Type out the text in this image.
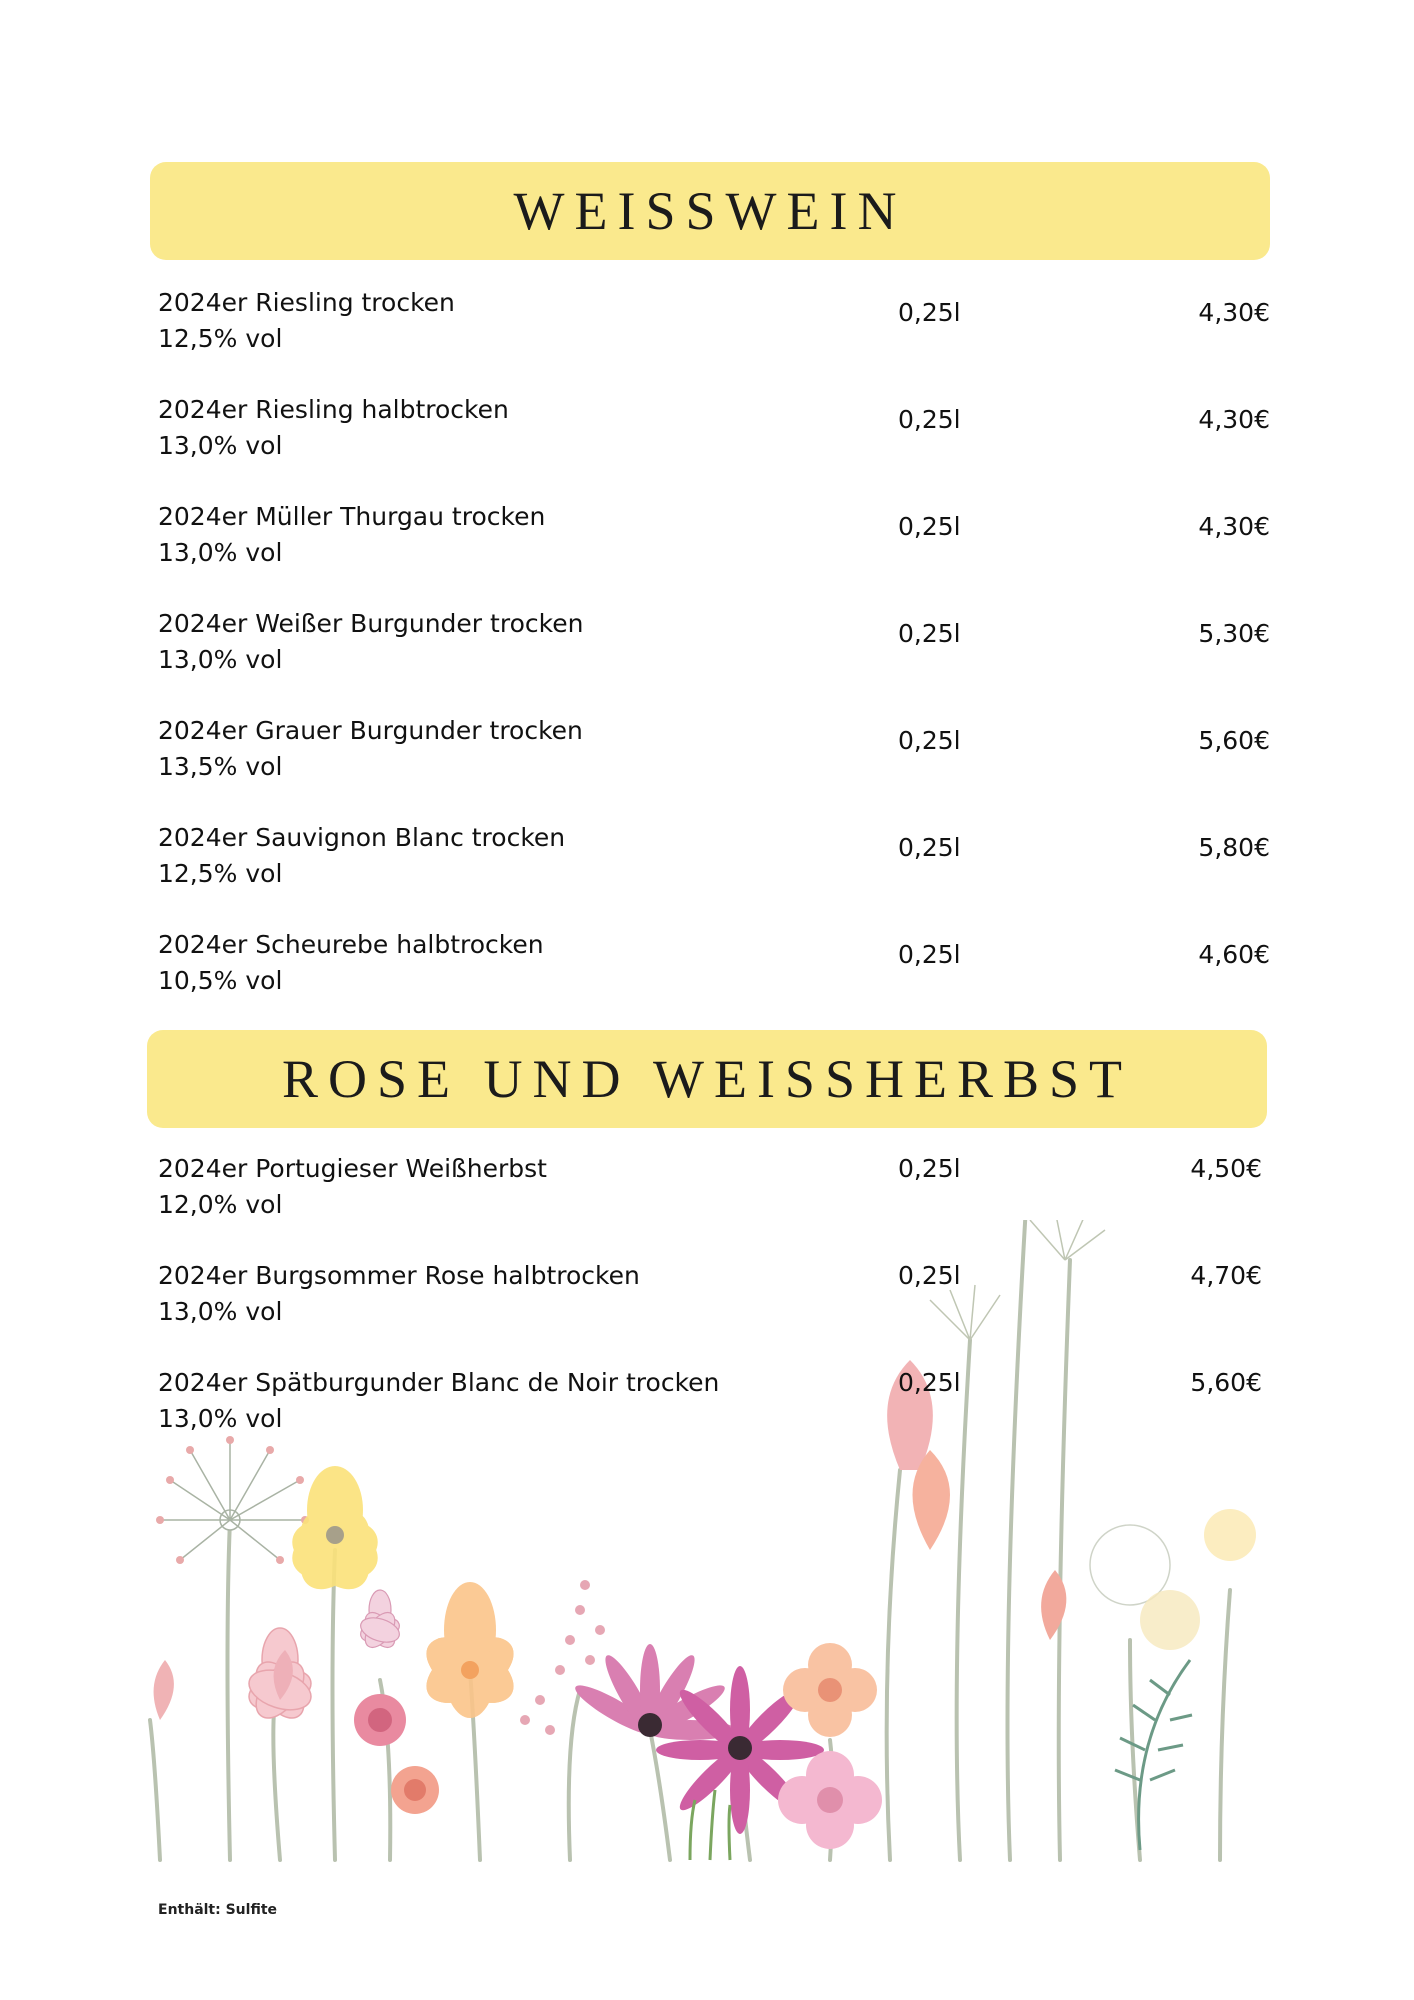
WEISSWEIN
2024er Riesling trocken
12,5% vol
0,25l	4,30€
2024er Riesling halbtrocken
13,0% vol
0,25l	4,30€
2024er Müller Thurgau trocken
13,0% vol
0,25l	4,30€
2024er Weißer Burgunder trocken
13,0% vol
0,25l	5,30€
2024er Grauer Burgunder trocken
13,5% vol
0,25l	5,60€
2024er Sauvignon Blanc trocken
12,5% vol
0,25l	5,80€
2024er Scheurebe halbtrocken
10,5% vol
0,25l	4,60€
ROSE UND WEISSHERBST
2024er Portugieser Weißherbst
12,0% vol
0,25l	4,50€
2024er Burgsommer Rose halbtrocken
13,0% vol
0,25l	4,70€
2024er Spätburgunder Blanc de Noir trocken
13,0% vol
0,25l	5,60€
Enthält: Sulfite
